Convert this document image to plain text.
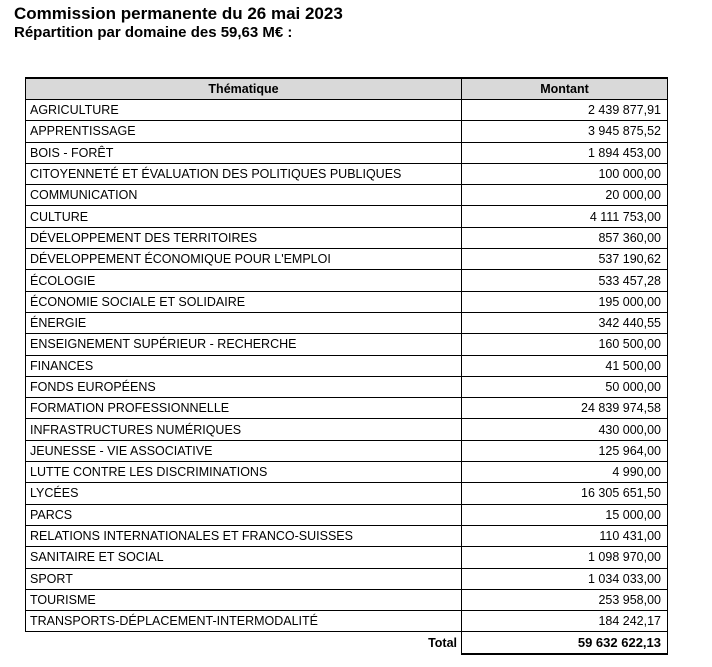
Commission permanente du 26 mai 2023
Répartition par domaine des 59,63 M€ :
Thématique	Montant
AGRICULTURE	2 439 877,91
APPRENTISSAGE	3 945 875,52
BOIS - FORÊT	1 894 453,00
CITOYENNETÉ ET ÉVALUATION DES POLITIQUES PUBLIQUES	100 000,00
COMMUNICATION	20 000,00
CULTURE	4 111 753,00
DÉVELOPPEMENT DES TERRITOIRES	857 360,00
DÉVELOPPEMENT ÉCONOMIQUE POUR L'EMPLOI	537 190,62
ÉCOLOGIE	533 457,28
ÉCONOMIE SOCIALE ET SOLIDAIRE	195 000,00
ÉNERGIE	342 440,55
ENSEIGNEMENT SUPÉRIEUR - RECHERCHE	160 500,00
FINANCES	41 500,00
FONDS EUROPÉENS	50 000,00
FORMATION PROFESSIONNELLE	24 839 974,58
INFRASTRUCTURES NUMÉRIQUES	430 000,00
JEUNESSE - VIE ASSOCIATIVE	125 964,00
LUTTE CONTRE LES DISCRIMINATIONS	4 990,00
LYCÉES	16 305 651,50
PARCS	15 000,00
RELATIONS INTERNATIONALES ET FRANCO-SUISSES	110 431,00
SANITAIRE ET SOCIAL	1 098 970,00
SPORT	1 034 033,00
TOURISME	253 958,00
TRANSPORTS-DÉPLACEMENT-INTERMODALITÉ	184 242,17
Total	59 632 622,13
